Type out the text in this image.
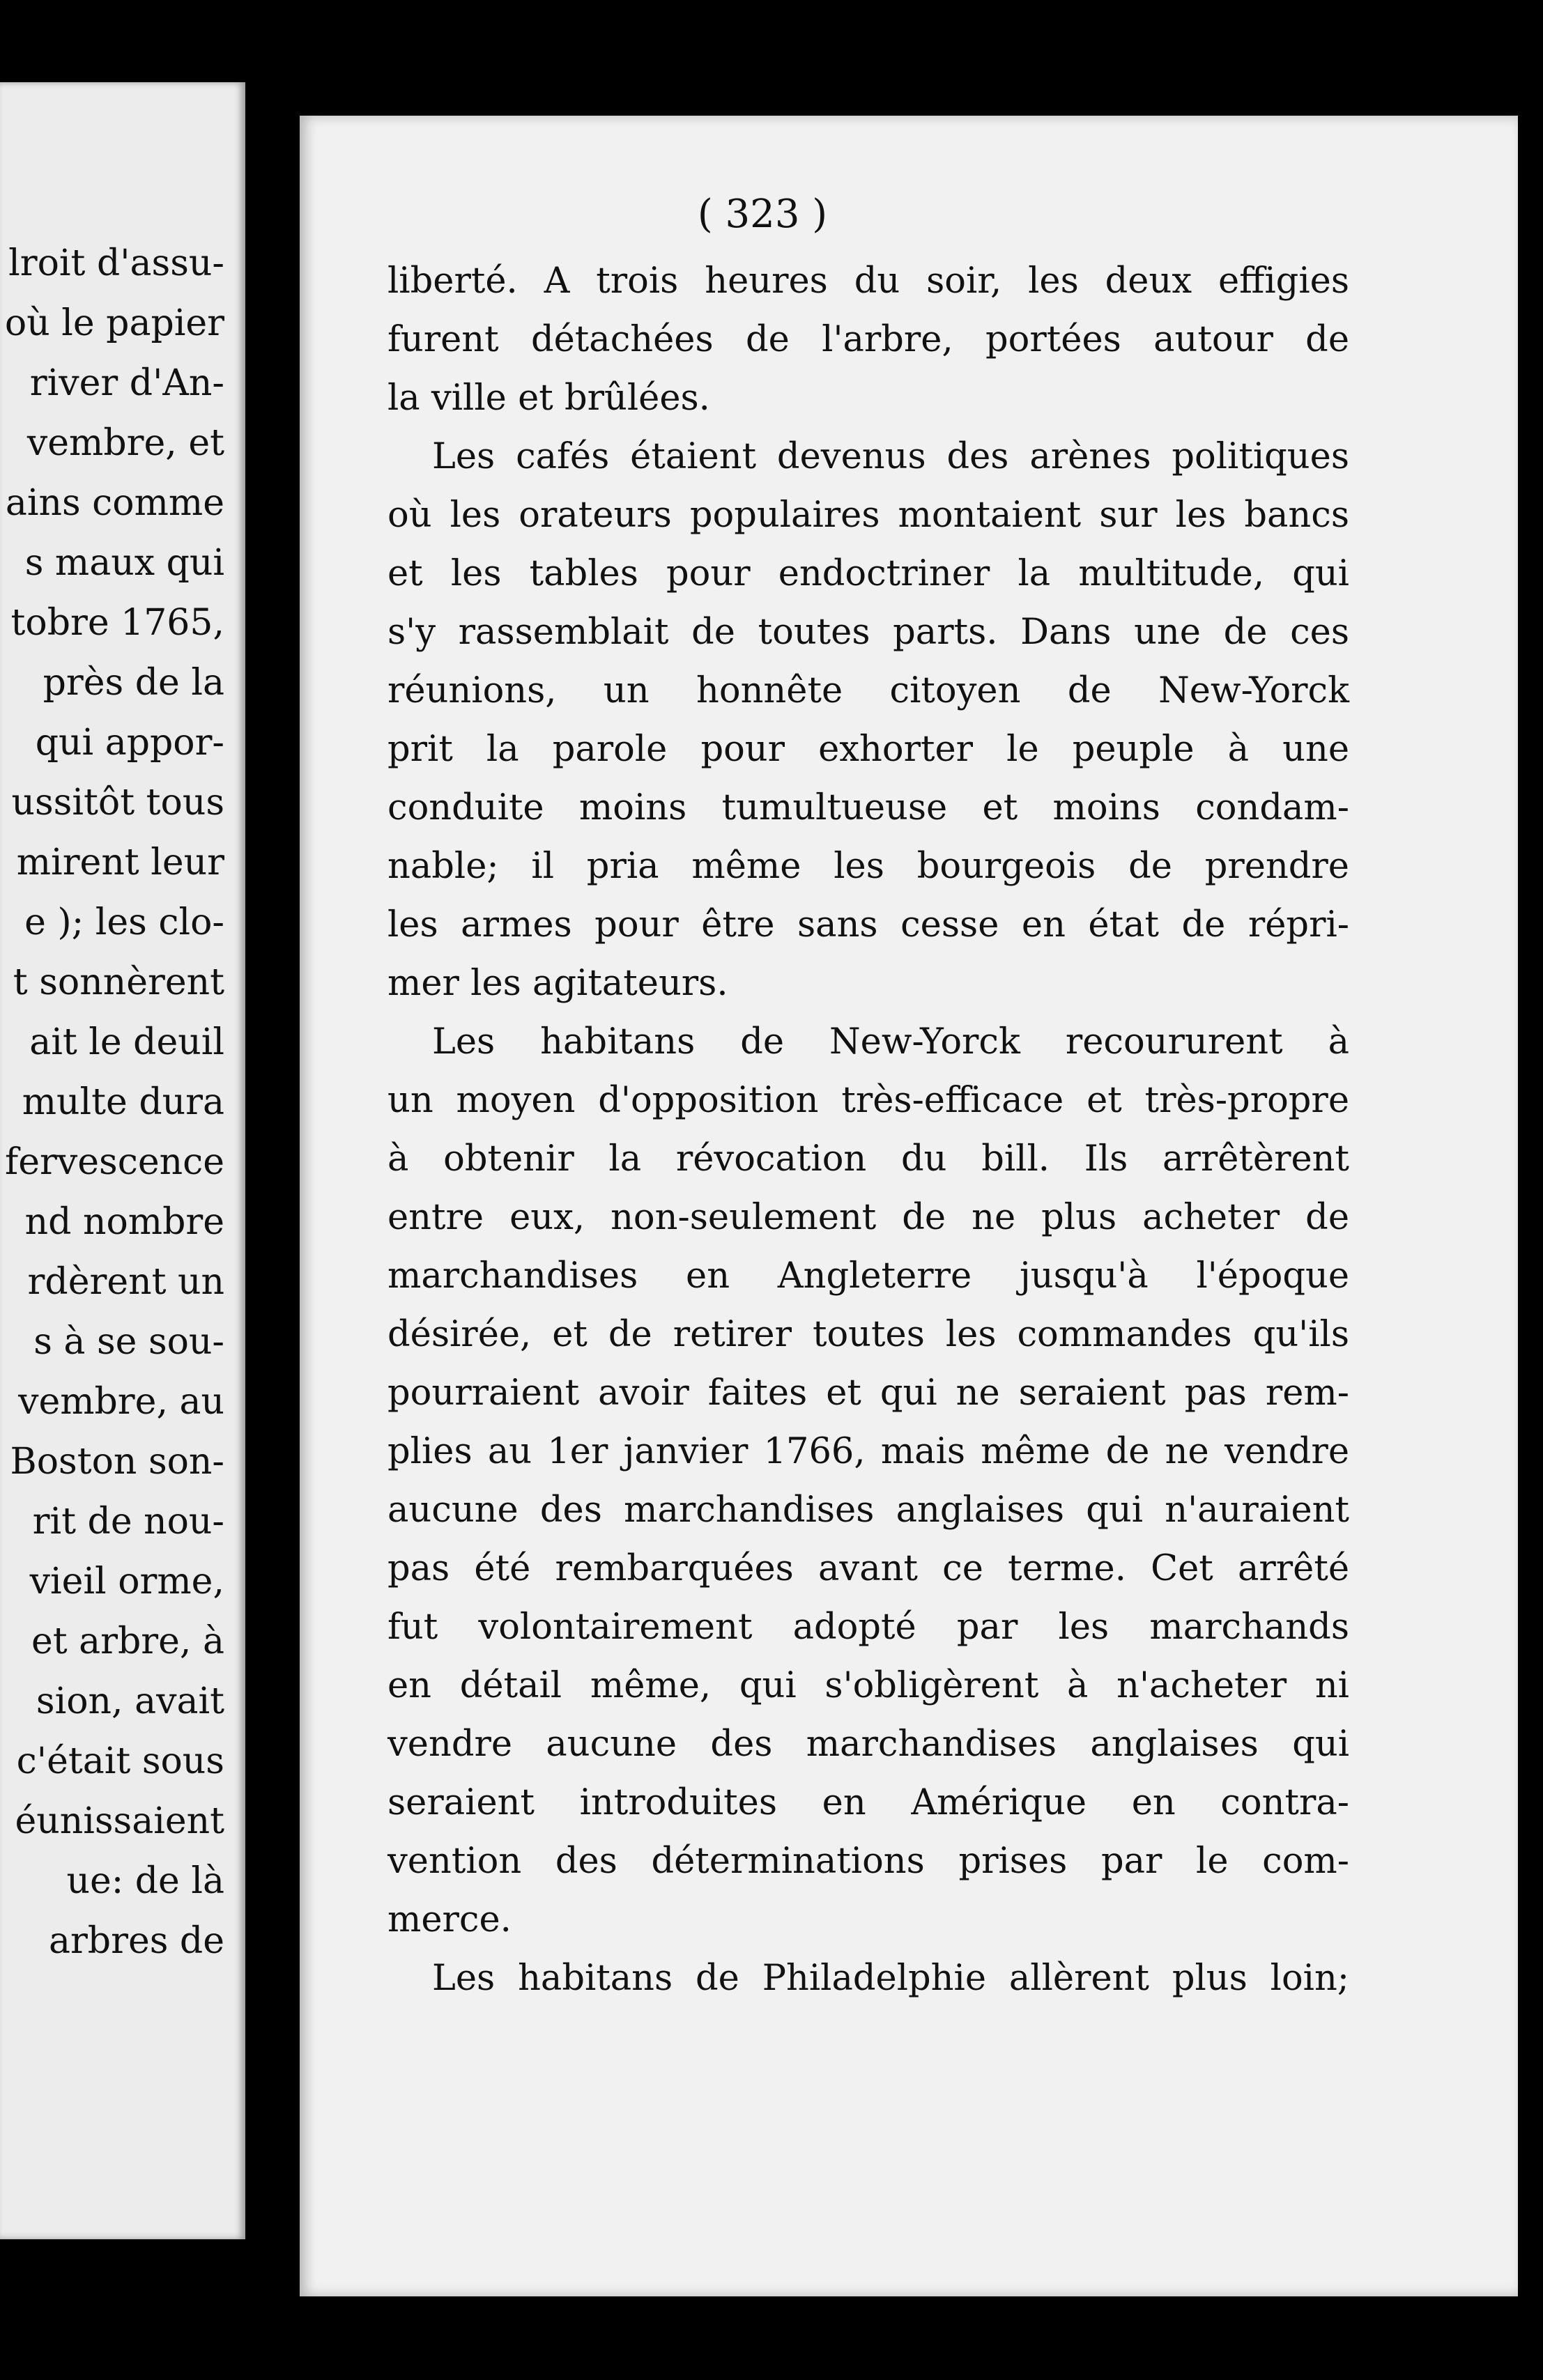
lroit d'assu-
où le papier
river d'An-
vembre, et
ains comme
s maux qui
tobre 1765,
près de la
qui appor-
ussitôt tous
mirent leur
e ); les clo-
t sonnèrent
ait le deuil
multe dura
fervescence
nd nombre
rdèrent un
s à se sou-
vembre, au
Boston son-
rit de nou-
vieil orme,
et arbre, à
sion, avait
c'était sous
éunissaient
ue: de là
arbres de
( 323 )
liberté. A trois heures du soir, les deux effigies
furent détachées de l'arbre, portées autour de
la ville et brûlées.
Les cafés étaient devenus des arènes politiques
où les orateurs populaires montaient sur les bancs
et les tables pour endoctriner la multitude, qui
s'y rassemblait de toutes parts. Dans une de ces
réunions, un honnête citoyen de New-Yorck
prit la parole pour exhorter le peuple à une
conduite moins tumultueuse et moins condam-
nable; il pria même les bourgeois de prendre
les armes pour être sans cesse en état de répri-
mer les agitateurs.
Les habitans de New-Yorck recoururent à
un moyen d'opposition très-efficace et très-propre
à obtenir la révocation du bill. Ils arrêtèrent
entre eux, non-seulement de ne plus acheter de
marchandises en Angleterre jusqu'à l'époque
désirée, et de retirer toutes les commandes qu'ils
pourraient avoir faites et qui ne seraient pas rem-
plies au 1er janvier 1766, mais même de ne vendre
aucune des marchandises anglaises qui n'auraient
pas été rembarquées avant ce terme. Cet arrêté
fut volontairement adopté par les marchands
en détail même, qui s'obligèrent à n'acheter ni
vendre aucune des marchandises anglaises qui
seraient introduites en Amérique en contra-
vention des déterminations prises par le com-
merce.
Les habitans de Philadelphie allèrent plus loin;
